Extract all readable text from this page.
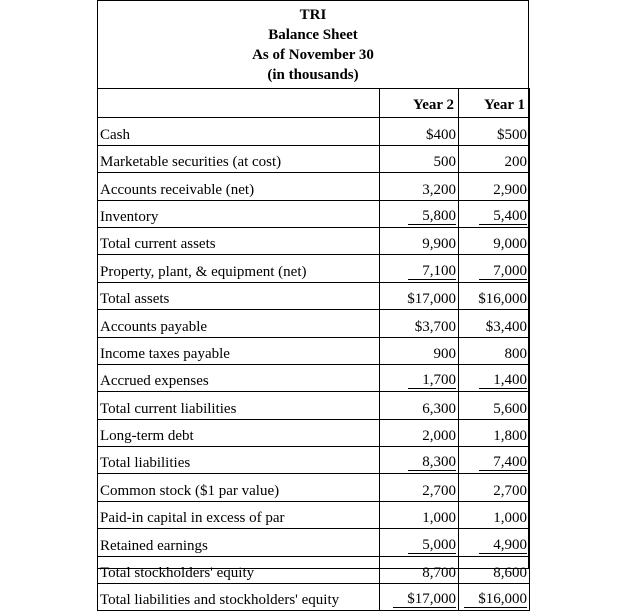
TRI
Balance Sheet
As of November 30
(in thousands)
	Year 2	Year 1
Cash	$400	$500
Marketable securities (at cost)	500	200
Accounts receivable (net)	3,200	2,900
Inventory	5,800	5,400
Total current assets	9,900	9,000
Property, plant, & equipment (net)	7,100	7,000
Total assets	$17,000	$16,000
Accounts payable	$3,700	$3,400
Income taxes payable	900	800
Accrued expenses	1,700	1,400
Total current liabilities	6,300	5,600
Long-term debt	2,000	1,800
Total liabilities	8,300	7,400
Common stock ($1 par value)	2,700	2,700
Paid-in capital in excess of par	1,000	1,000
Retained earnings	5,000	4,900
Total stockholders' equity	8,700	8,600
Total liabilities and stockholders' equity	$17,000	$16,000
